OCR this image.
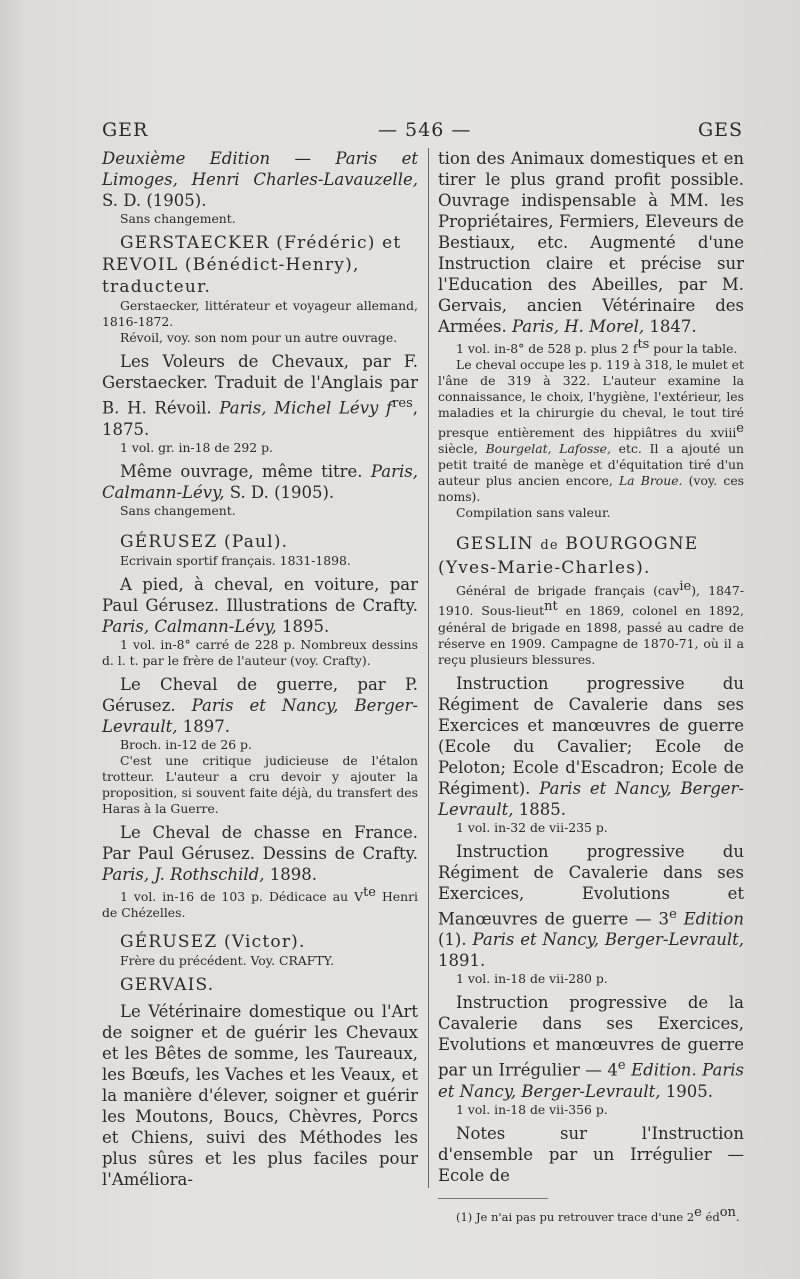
GER	— 546 —	GES

Deuxième Edition — Paris et Limoges, Henri Charles-Lavauzelle, S. D. (1905).

Sans changement.

GERSTAECKER (Frédéric) et REVOIL (Bénédict-Henry), traducteur.

Gerstaecker, littérateur et voyageur allemand, 1816-1872.

Révoil, voy. son nom pour un autre ouvrage.

Les Voleurs de Chevaux, par F. Gerstaecker. Traduit de l'Anglais par B. H. Révoil. Paris, Michel Lévy $f^{res}$, 1875.

1 vol. gr. in-18 de 292 p.

Même ouvrage, même titre. Paris, Calmann-Lévy, S. D. (1905).

Sans changement.

GÉRUSEZ (Paul).

Ecrivain sportif français. 1831-1898.

A pied, à cheval, en voiture, par Paul Gérusez. Illustrations de Crafty. Paris, Calmann-Lévy, 1895.

1 vol. in-8° carré de 228 p. Nombreux dessins d. l. t. par le frère de l'auteur (voy. Crafty).

Le Cheval de guerre, par P. Gérusez. Paris et Nancy, Berger-Levrault, 1897.

Broch. in-12 de 26 p.

C'est une critique judicieuse de l'étalon trotteur. L'auteur a cru devoir y ajouter la proposition, si souvent faite déjà, du transfert des Haras à la Guerre.

Le Cheval de chasse en France. Par Paul Gérusez. Dessins de Crafty. Paris, J. Rothschild, 1898.

1 vol. in-16 de 103 p. Dédicace au $V^{te}$ Henri de Chézelles.

GÉRUSEZ (Victor).

Frère du précédent. Voy. CRAFTY.

GERVAIS.

Le Vétérinaire domestique ou l'Art de soigner et de guérir les Chevaux et les Bêtes de somme, les Taureaux, les Bœufs, les Vaches et les Veaux, et la manière d'élever, soigner et guérir les Moutons, Boucs, Chèvres, Porcs et Chiens, suivi des Méthodes les plus sûres et les plus faciles pour l'Améliora-

tion des Animaux domestiques et en tirer le plus grand profit possible. Ouvrage indispensable à MM. les Propriétaires, Fermiers, Eleveurs de Bestiaux, etc. Augmenté d'une Instruction claire et précise sur l'Education des Abeilles, par M. Gervais, ancien Vétérinaire des Armées. Paris, H. Morel, 1847.

1 vol. in-8° de 528 p. plus 2 $f^{ts}$ pour la table.

Le cheval occupe les p. 119 à 318, le mulet et l'âne de 319 à 322. L'auteur examine la connaissance, le choix, l'hygiène, l'extérieur, les maladies et la chirurgie du cheval, le tout tiré presque entièrement des hippiâtres du xviii$^e$ siècle, Bourgelat, Lafosse, etc. Il a ajouté un petit traité de manège et d'équitation tiré d'un auteur plus ancien encore, La Broue. (voy. ces noms).

Compilation sans valeur.

GESLIN de BOURGOGNE (Yves-Marie-Charles).

Général de brigade français (cav$^{ie}$), 1847-1910. Sous-lieut$^{nt}$ en 1869, colonel en 1892, général de brigade en 1898, passé au cadre de réserve en 1909. Campagne de 1870-71, où il a reçu plusieurs blessures.

Instruction progressive du Régiment de Cavalerie dans ses Exercices et manœuvres de guerre (Ecole du Cavalier; Ecole de Peloton; Ecole d'Escadron; Ecole de Régiment). Paris et Nancy, Berger-Levrault, 1885.

1 vol. in-32 de vii-235 p.

Instruction progressive du Régiment de Cavalerie dans ses Exercices, Evolutions et Manœuvres de guerre — 3e Edition (1). Paris et Nancy, Berger-Levrault, 1891.

1 vol. in-18 de vii-280 p.

Instruction progressive de la Cavalerie dans ses Exercices, Evolutions et manœuvres de guerre par un Irrégulier — 4e Edition. Paris et Nancy, Berger-Levrault, 1905.

1 vol. in-18 de vii-356 p.

Notes sur l'Instruction d'ensemble par un Irrégulier — Ecole de

(1) Je n'ai pas pu retrouver trace d'une 2e $éd^{on}$.
